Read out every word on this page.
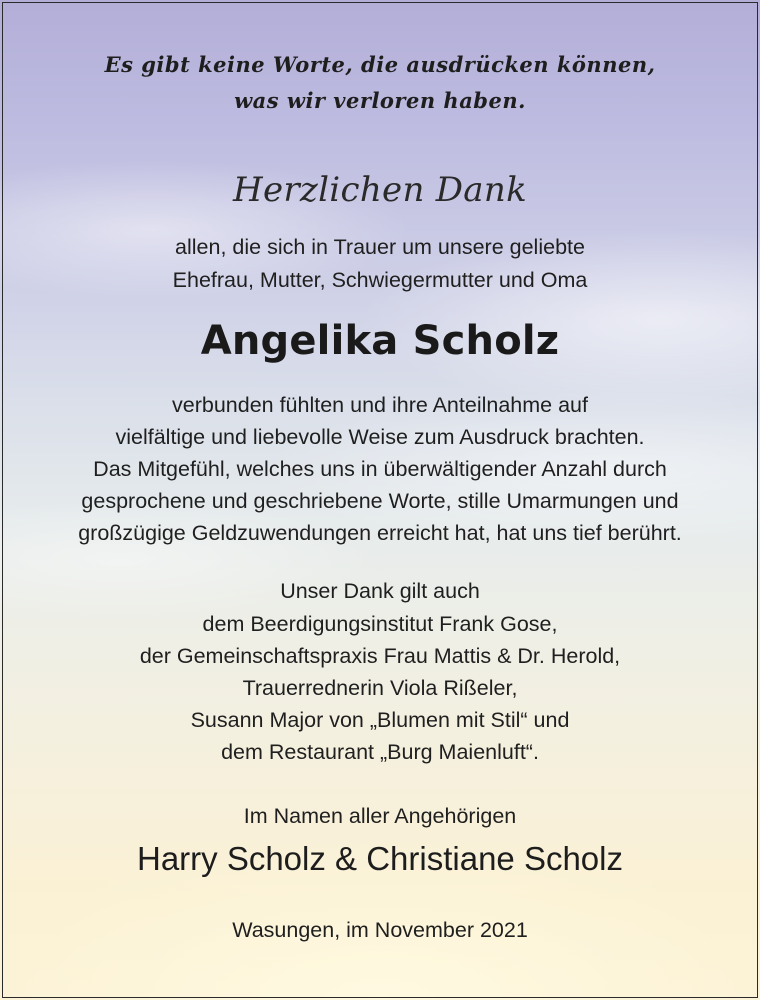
Es gibt keine Worte, die ausdrücken können,
was wir verloren haben.
Herzlichen Dank
allen, die sich in Trauer um unsere geliebte
Ehefrau, Mutter, Schwiegermutter und Oma
Angelika Scholz
verbunden fühlten und ihre Anteilnahme auf
vielfältige und liebevolle Weise zum Ausdruck brachten.
Das Mitgefühl, welches uns in überwältigender Anzahl durch
gesprochene und geschriebene Worte, stille Umarmungen und
großzügige Geldzuwendungen erreicht hat, hat uns tief berührt.
Unser Dank gilt auch
dem Beerdigungsinstitut Frank Gose,
der Gemeinschaftspraxis Frau Mattis & Dr. Herold,
Trauerrednerin Viola Rißeler,
Susann Major von „Blumen mit Stil“ und
dem Restaurant „Burg Maienluft“.
Im Namen aller Angehörigen
Harry Scholz & Christiane Scholz
Wasungen, im November 2021
